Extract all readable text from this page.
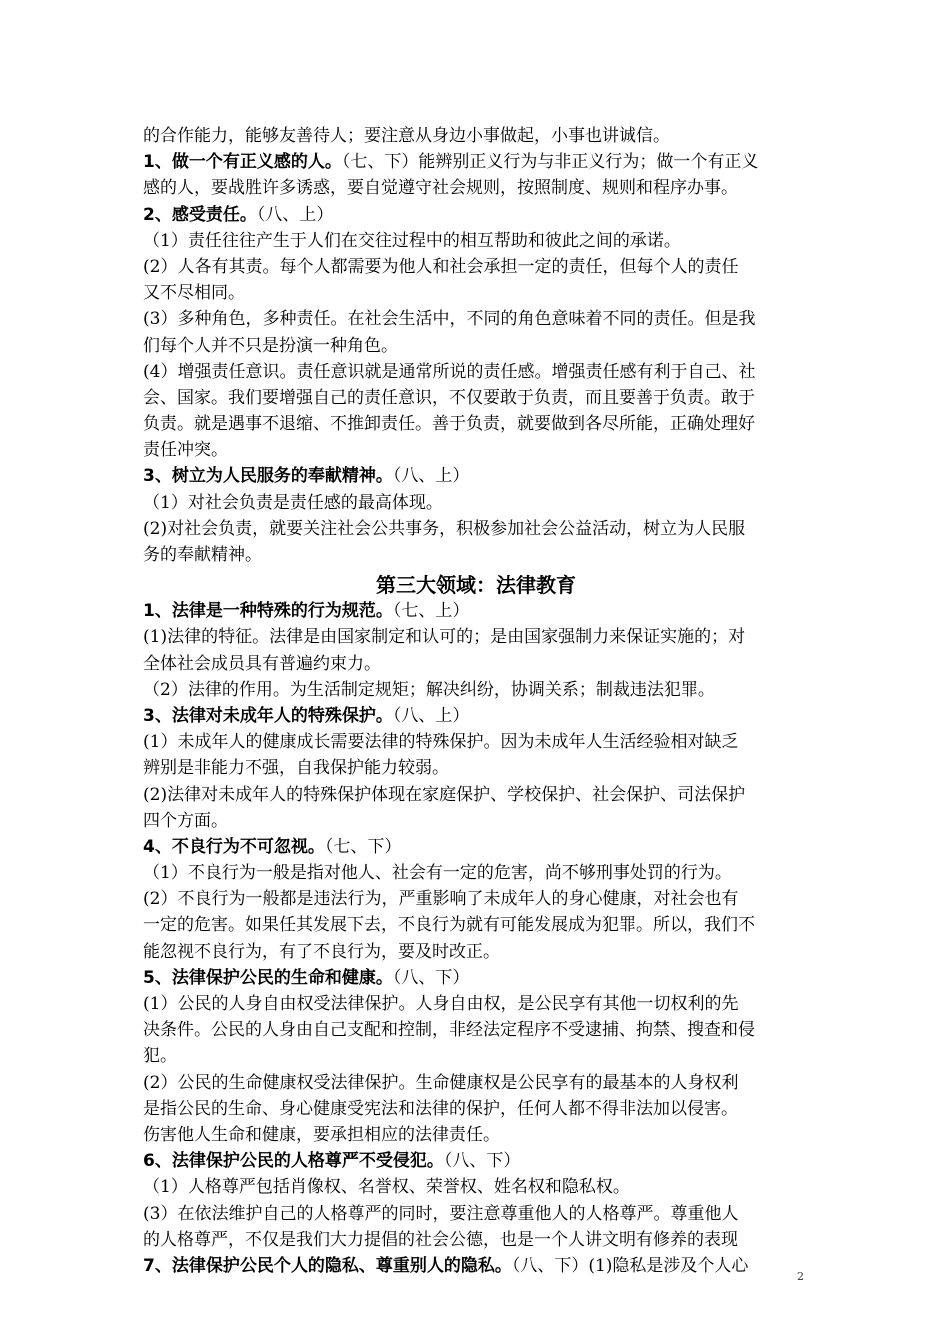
的合作能力，能够友善待人；要注意从身边小事做起，小事也讲诚信。
1、做一个有正义感的人。（七、下）能辨别正义行为与非正义行为；做一个有正义
感的人，要战胜许多诱惑，要自觉遵守社会规则，按照制度、规则和程序办事。
2、感受责任。（八、上）
（1）责任往往产生于人们在交往过程中的相互帮助和彼此之间的承诺。
(2）人各有其责。每个人都需要为他人和社会承担一定的责任，但每个人的责任
又不尽相同。
(3）多种角色，多种责任。在社会生活中，不同的角色意味着不同的责任。但是我
们每个人并不只是扮演一种角色。
(4）增强责任意识。责任意识就是通常所说的责任感。增强责任感有利于自己、社
会、国家。我们要增强自己的责任意识，不仅要敢于负责，而且要善于负责。敢于
负责。就是遇事不退缩、不推卸责任。善于负责，就要做到各尽所能，正确处理好
责任冲突。
3、树立为人民服务的奉献精神。（八、上）
（1）对社会负责是责任感的最高体现。
(2)对社会负责，就要关注社会公共事务，积极参加社会公益活动，树立为人民服
务的奉献精神。
第三大领域：法律教育
1、法律是一种特殊的行为规范。（七、上）
(1)法律的特征。法律是由国家制定和认可的；是由国家强制力来保证实施的；对
全体社会成员具有普遍约束力。
（2）法律的作用。为生活制定规矩；解决纠纷，协调关系；制裁违法犯罪。
3、法律对未成年人的特殊保护。（八、上）
(1）未成年人的健康成长需要法律的特殊保护。因为未成年人生活经验相对缺乏
辨别是非能力不强，自我保护能力较弱。
(2)法律对未成年人的特殊保护体现在家庭保护、学校保护、社会保护、司法保护
四个方面。
4、不良行为不可忽视。（七、下）
（1）不良行为一般是指对他人、社会有一定的危害，尚不够刑事处罚的行为。
(2）不良行为一般都是违法行为，严重影响了未成年人的身心健康，对社会也有
一定的危害。如果任其发展下去，不良行为就有可能发展成为犯罪。所以，我们不
能忽视不良行为，有了不良行为，要及时改正。
5、法律保护公民的生命和健康。（八、下）
(1）公民的人身自由权受法律保护。人身自由权，是公民享有其他一切权利的先
决条件。公民的人身由自己支配和控制，非经法定程序不受逮捕、拘禁、搜查和侵
犯。
(2）公民的生命健康权受法律保护。生命健康权是公民享有的最基本的人身权利
是指公民的生命、身心健康受宪法和法律的保护，任何人都不得非法加以侵害。
伤害他人生命和健康，要承担相应的法律责任。
6、法律保护公民的人格尊严不受侵犯。（八、下）
（1）人格尊严包括肖像权、名誉权、荣誉权、姓名权和隐私权。
(3）在依法维护自己的人格尊严的同时，要注意尊重他人的人格尊严。尊重他人
的人格尊严，不仅是我们大力提倡的社会公德，也是一个人讲文明有修养的表现
7、法律保护公民个人的隐私、尊重别人的隐私。（八、下）(1)隐私是涉及个人心
2
